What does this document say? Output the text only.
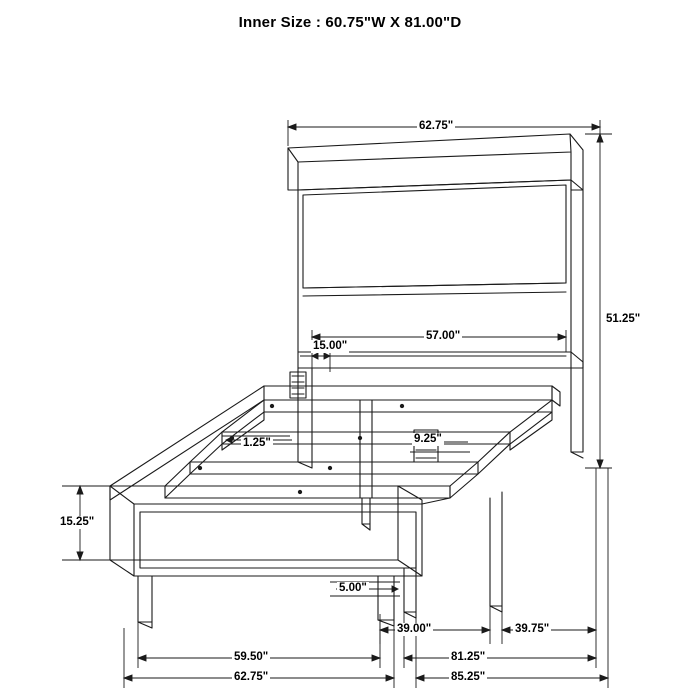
Inner Size : 60.75"W X 81.00"D
62.75"
51.25"
57.00"
15.00"
1.25"	9.25"
15.25"
5.00"
39.00"	39.75"
59.50"	81.25"
62.75"	85.25"
